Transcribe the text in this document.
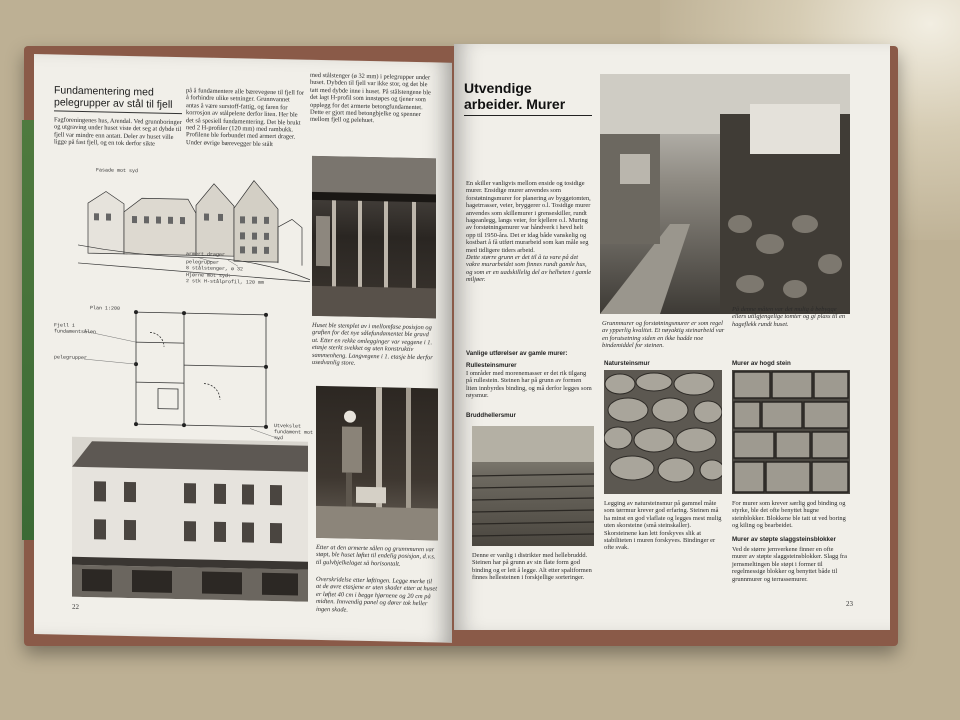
Fundamentering med pelegrupper av stål til fjell

Fagforeningenes hus, Arendal. Ved grunnboringer og utgraving under huset viste det seg at dybde til fjell var mindre enn antatt. Deler av huset ville ligge på fast fjell, og en tok derfor sikte

på å fundamentere alle bærevegene til fjell for å forhindre ulike setninger. Grunnvannet antas å være surstoff-fattig, og faren for korrosjon av stålpelene derfor liten. Her ble det så spesiell fundamentering. Det ble brukt ned 2 H-profiler (120 mm) med rambukk. Profilene ble forbundet med armert drager. Under øvrige bærevegger ble stålt

med stålstenger (ø 32 mm) i pelegrupper under huset. Dybden til fjell var ikke stor, og det ble tatt med dybde inne i huset. På stålstengene ble det lagt H-profil som innstøpes og tjener som opplegg for det armerte betongfundamentet. Dette er gjort med betongbjelke og spenner mellom fjell og pelehuet.

Fasade mot syd
armert drager
pelegrupper
8 stålstenger, ø 32
Hjørne mot syd:
2 stk H-stålprofil, 120 mm
Plan 1:200
Fjell i fundamentsålen
pelegrupper
Utvekslet fundament mot syd

Huset ble stemplet av i mellomfase posisjon og graften for det nye sålefundamentet ble gravd ut. Etter en rekke omlegginger var veggene i 1. etasje sterkt svekket og uten konstruktiv sammenheng. Langvegene i 1. etasje ble derfor usedvanlig store.

Etter at den armerte sålen og grunnmuren var støpt, ble huset løftet til endelig posisjon, d.v.s. til gulvbjelkelaget så horisontalt.

Overskridelse etter løftingen. Legge merke til at de øvre etasjene er uten skader etter at huset er løftet 40 cm i begge hjørnene og 20 cm på midten. Innvendig panel og dører tok heller ingen skade.

22
Utvendige arbeider. Murer

En skiller vanligvis mellom enside og tosidige murer. Ensidige murer anvendes som forstøtningsmurer for planering av byggetomten, hagetrrasser, veier, bryggerer o.l. Tosidige murer anvendes som skillemurer i grenseskiller, rundt hageanlegg, langs veier, for kjellere o.l. Muring av forstøtningsmurer var håndverk i hevd helt opp til 1950-åra. Det er idag både vanskelig og kostbart å få utført murarbeid som kan måle seg med tidligere tiders arbeid.

Dette større grunn er det til å ta vare på det vakre murarbeidet som finnes rundt gamle hus, og som er en uadskillelig del av helheten i gamle miljøer.

Vanlige utførelser av gamle murer:
Rullesteinsmurer

I områder med morenemasser er det rik tilgang på rullestein. Steinen har på grunn av formen liten innbyrdes binding, og må derfor legges som røysmur.

Bruddhellersmur

Denne er vanlig i distrikter med hellebruddd. Steinen har på grunn av sin flate form god binding og er lett å legge. Alt etter spaltformen finnes hellesteinen i forskjellige sorteringer.

Grunnmurer og forstøtningsmurer er som regel av ypperlig kvalitet. Et nøyaktig steinarbeid var en forutsetning siden en ikke hadde noe bindemiddel for steinen.

På denne måten var det mulig å bebygge ellers utilgjengelige tomter og gi plass til en hageflekk rundt huset.

Natursteinsmur

Legging av natursteinsmur på gammel måte som tørrmur krever god erfaring. Steinen må ha minst en god vlaflate og legges mest mulig uten skorsteine (små steinskaller). Skorsteinene kan lett forskyves slik at stabiliteten i muren forskyves. Bindinger er ofte svak.

Murer av hogd stein

For murer som krever særlig god binding og styrke, ble det ofte benyttet hugne steinblokker. Blokkene ble tatt ut ved boring og kiling og bearbeidet.

Murer av støpte slaggsteinsblokker

Ved de større jernverkene finner en ofte murer av støpte slaggsteinsblokker. Slagg fra jernsmeltingen ble støpt i former til regelmessige blokker og benyttet både til grunnmurer og terrassemurer.

23
